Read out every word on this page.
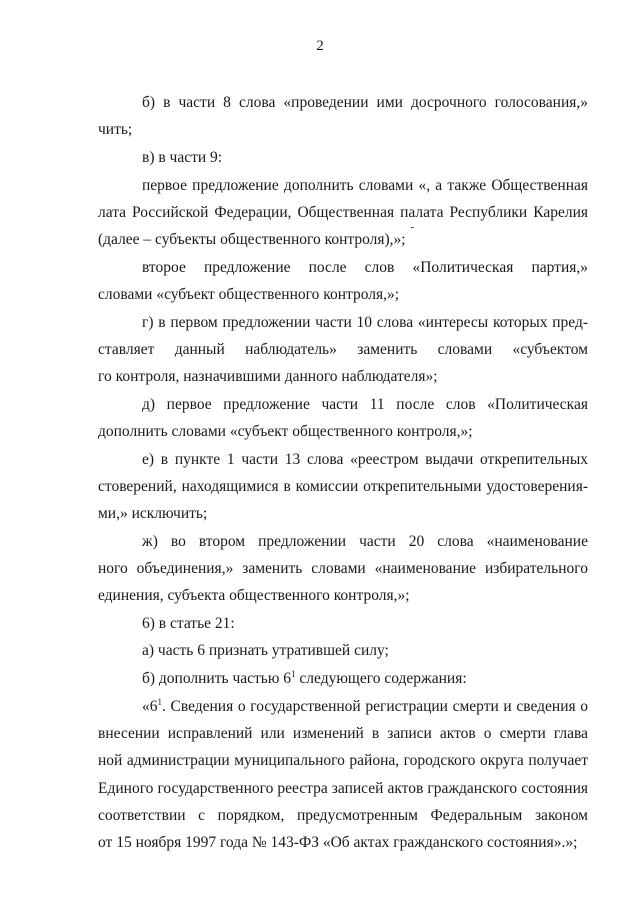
2
б) в части 8 слова «проведении ими досрочного голосования,»
чить;
в) в части 9:
первое предложение дополнить словами «, а также Общественная
лата Российской Федерации, Общественная палата Республики Карелия
(далее – субъекты общественного контроля),»;
второе предложение после слов «Политическая партия,»
словами «субъект общественного контроля,»;
г) в первом предложении части 10 слова «интересы которых пред-
ставляет данный наблюдатель» заменить словами «субъектом
го контроля, назначившими данного наблюдателя»;
д) первое предложение части 11 после слов «Политическая
дополнить словами «субъект общественного контроля,»;
е) в пункте 1 части 13 слова «реестром выдачи открепительных
стоверений, находящимися в комиссии открепительными удостоверения-
ми,» исключить;
ж) во втором предложении части 20 слова «наименование
ного объединения,» заменить словами «наименование избирательного
единения, субъекта общественного контроля,»;
6) в статье 21:
а) часть 6 признать утратившей силу;
б) дополнить частью $6^1$ следующего содержания:
«$6^1$. Сведения о государственной регистрации смерти и сведения о
внесении исправлений или изменений в записи актов о смерти глава
ной администрации муниципального района, городского округа получает
Единого государственного реестра записей актов гражданского состояния
соответствии с порядком, предусмотренным Федеральным законом
от 15 ноября 1997 года № 143-ФЗ «Об актах гражданского состояния».»;
